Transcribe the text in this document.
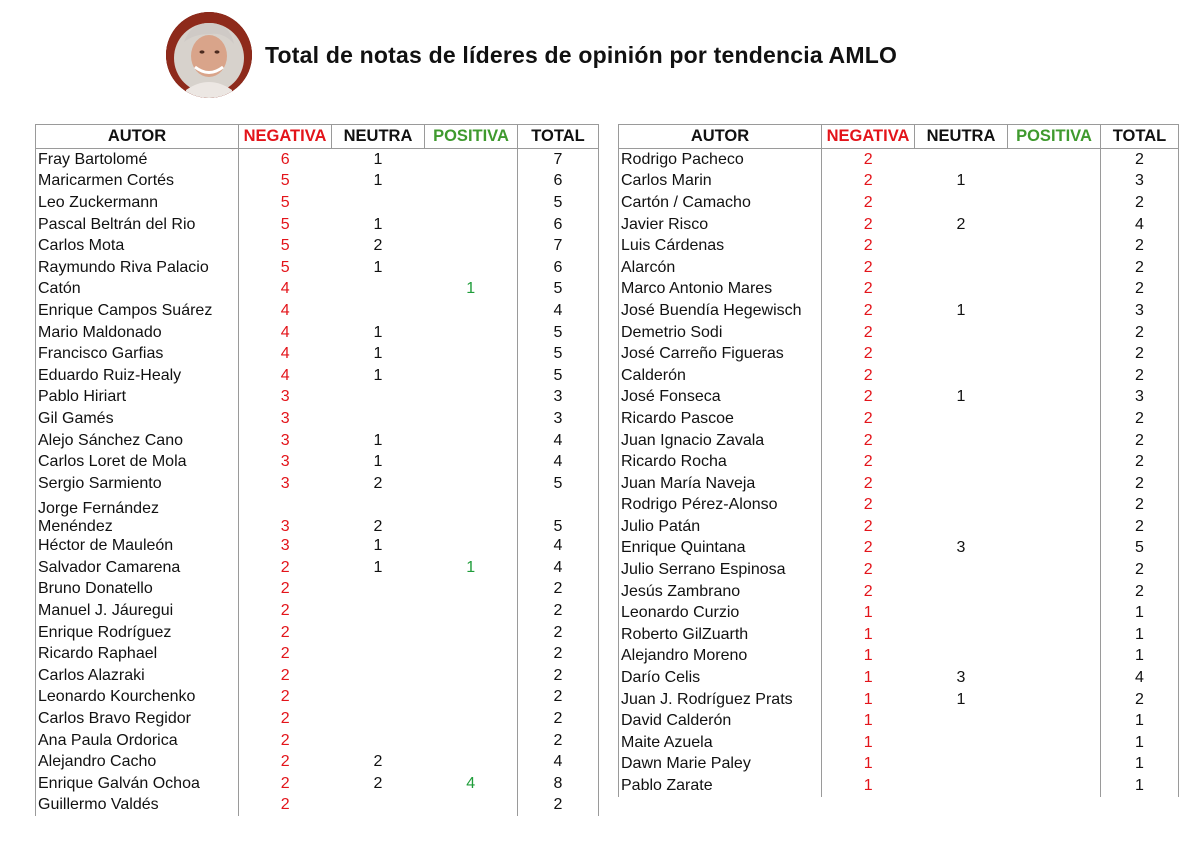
Total de notas de líderes de opinión por tendencia AMLO
AUTOR	NEGATIVA	NEUTRA	POSITIVA	TOTAL
Fray Bartolomé	6	1		7
Maricarmen Cortés	5	1		6
Leo Zuckermann	5			5
Pascal Beltrán del Rio	5	1		6
Carlos Mota	5	2		7
Raymundo Riva Palacio	5	1		6
Catón	4		1	5
Enrique Campos Suárez	4			4
Mario Maldonado	4	1		5
Francisco Garfias	4	1		5
Eduardo Ruiz-Healy	4	1		5
Pablo Hiriart	3			3
Gil Gamés	3			3
Alejo Sánchez Cano	3	1		4
Carlos Loret de Mola	3	1		4
Sergio Sarmiento	3	2		5

Jorge Fernández
Menéndez	3	2		5
Héctor de Mauleón	3	1		4
Salvador Camarena	2	1	1	4
Bruno Donatello	2			2
Manuel J. Jáuregui	2			2
Enrique Rodríguez	2			2
Ricardo Raphael	2			2
Carlos Alazraki	2			2
Leonardo Kourchenko	2			2
Carlos Bravo Regidor	2			2
Ana Paula Ordorica	2			2
Alejandro Cacho	2	2		4
Enrique Galván Ochoa	2	2	4	8
Guillermo Valdés	2			2
AUTOR	NEGATIVA	NEUTRA	POSITIVA	TOTAL
Rodrigo Pacheco	2			2
Carlos Marin	2	1		3
Cartón / Camacho	2			2
Javier Risco	2	2		4
Luis Cárdenas	2			2
Alarcón	2			2
Marco Antonio Mares	2			2
José Buendía Hegewisch	2	1		3
Demetrio Sodi	2			2
José Carreño Figueras	2			2
Calderón	2			2
José Fonseca	2	1		3
Ricardo Pascoe	2			2
Juan Ignacio Zavala	2			2
Ricardo Rocha	2			2
Juan María Naveja	2			2
Rodrigo Pérez-Alonso	2			2
Julio Patán	2			2
Enrique Quintana	2	3		5
Julio Serrano Espinosa	2			2
Jesús Zambrano	2			2
Leonardo Curzio	1			1
Roberto GilZuarth	1			1
Alejandro Moreno	1			1
Darío Celis	1	3		4
Juan J. Rodríguez Prats	1	1		2
David Calderón	1			1
Maite Azuela	1			1
Dawn Marie Paley	1			1
Pablo Zarate	1			1
